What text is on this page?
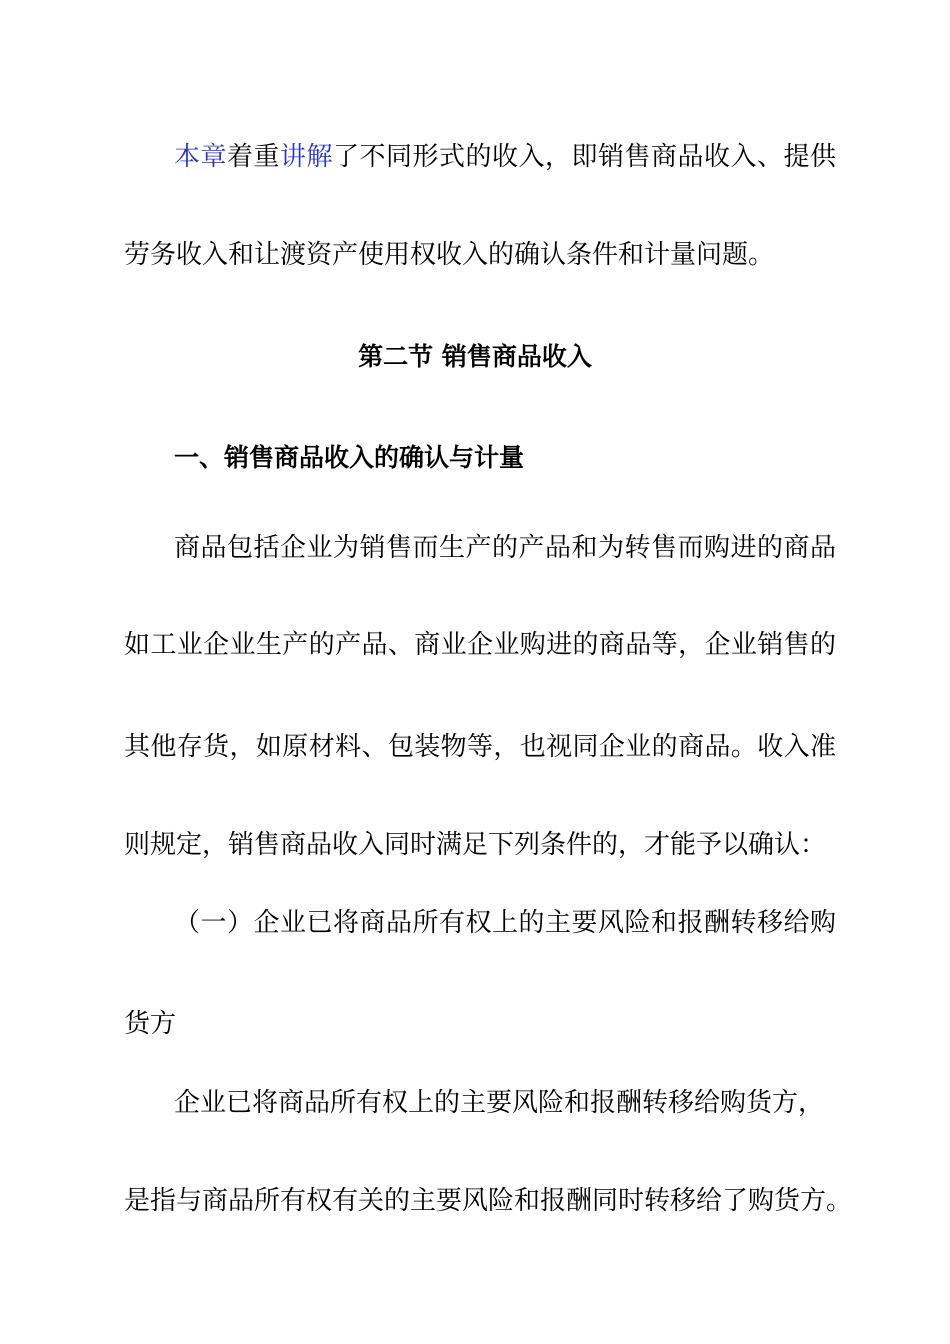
本章着重讲解了不同形式的收入，即销售商品收入、提供
劳务收入和让渡资产使用权收入的确认条件和计量问题。
第二节 销售商品收入
一、销售商品收入的确认与计量
商品包括企业为销售而生产的产品和为转售而购进的商品
如工业企业生产的产品、商业企业购进的商品等，企业销售的
其他存货，如原材料、包装物等，也视同企业的商品。收入准
则规定，销售商品收入同时满足下列条件的，才能予以确认：
（一）企业已将商品所有权上的主要风险和报酬转移给购
货方
企业已将商品所有权上的主要风险和报酬转移给购货方，
是指与商品所有权有关的主要风险和报酬同时转移给了购货方。
